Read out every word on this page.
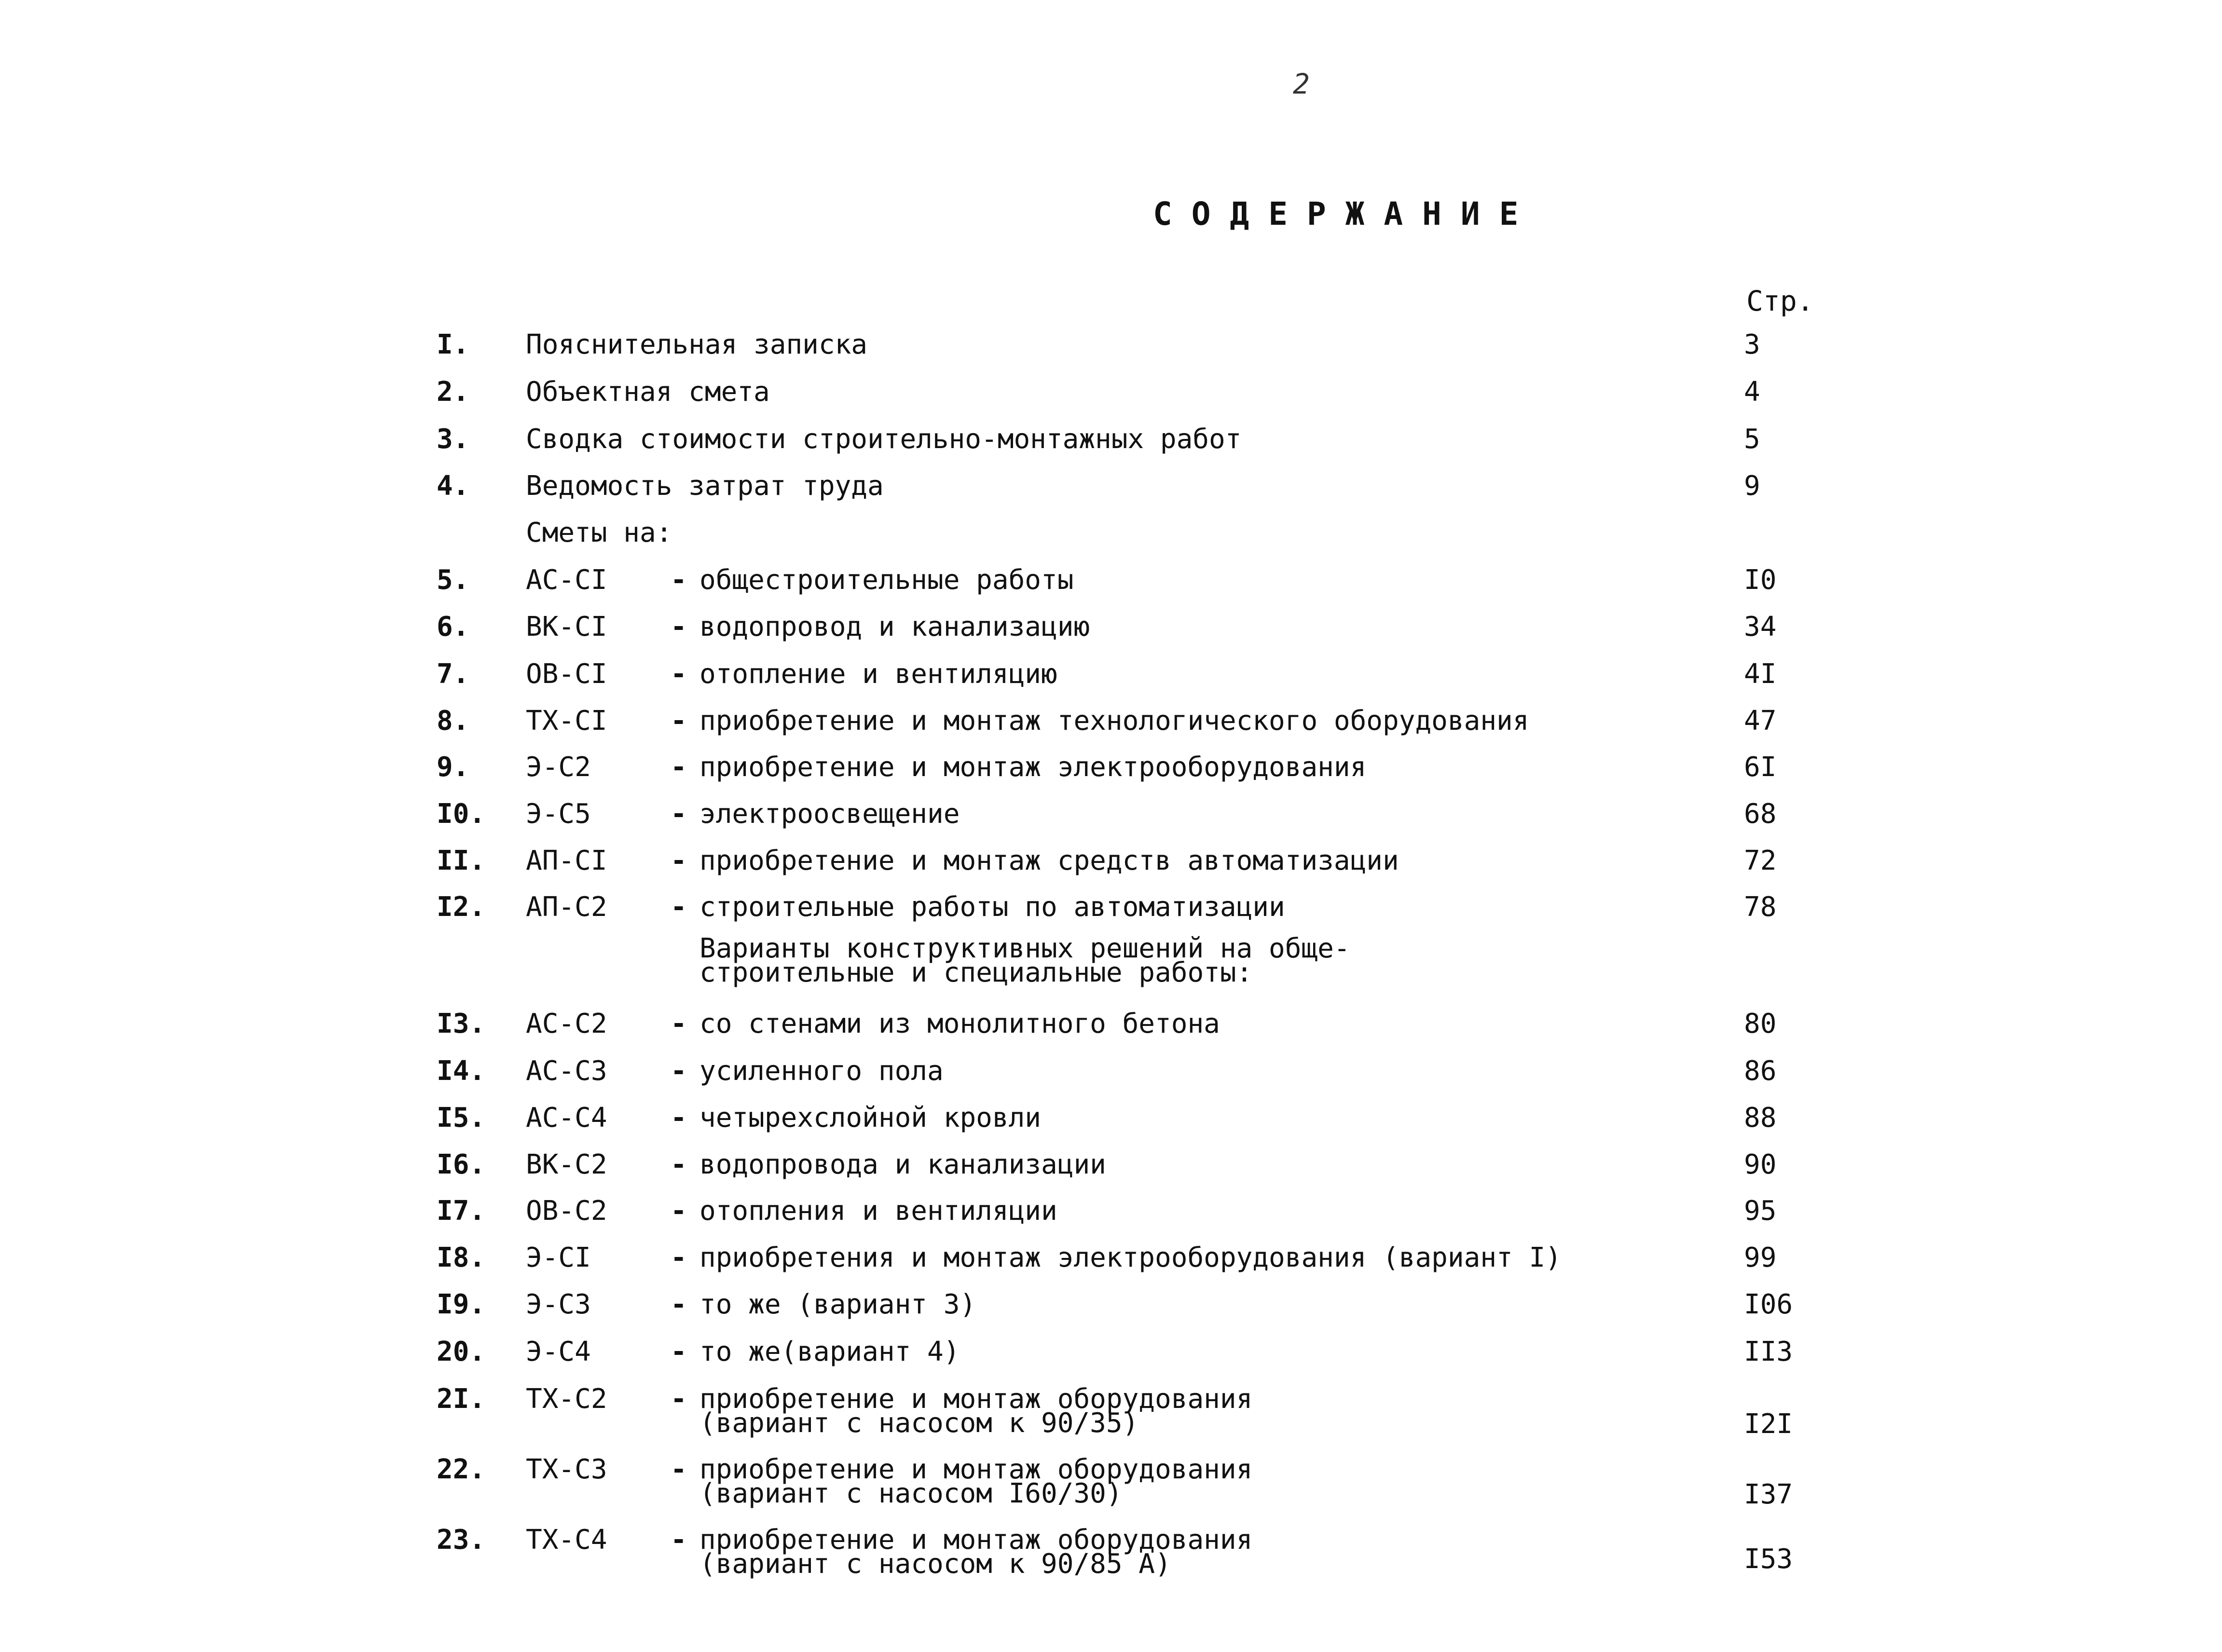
2
СОДЕРЖАНИЕ
Стр.
I. Пояснительная записка	3
2. Объектная смета	4
3. Сводка стоимости строительно-монтажных работ	5
4. Ведомость затрат труда	9
Сметы на:
5. АС-СI - общестроительные работы	I0
6. ВК-СI - водопровод и канализацию	34
7. ОВ-СI - отопление и вентиляцию	4I
8. ТХ-СI - приобретение и монтаж технологического оборудования	47
9. Э-С2	- приобретение и монтаж электрооборудования	6I
I0. Э-С5	- электроосвещение	68
II. АП-СI - приобретение и монтаж средств автоматизации	72
I2. АП-С2 - строительные работы по автоматизации	78
Варианты конструктивных решений на обще-
строительные и специальные работы:
I3. АС-С2 - со стенами из монолитного бетона	80
I4. АС-С3 - усиленного пола	86
I5. АС-С4 - четырехслойной кровли	88
I6. ВК-С2 - водопровода и канализации	90
I7. ОВ-С2 - отопления и вентиляции	95
I8. Э-СI	- приобретения и монтаж электрооборудования (вариант I)	99
I9. Э-С3	- то же (вариант 3)	I06
20. Э-С4	- то же(вариант 4)	II3
2I. ТХ-С2 - приобретение и монтаж оборудования
(вариант с насосом к 90/35)	I2I
22. ТХ-С3 - приобретение и монтаж оборудования
(вариант с насосом I60/30)	I37
23. ТХ-С4 - приобретение и монтаж оборудования
(вариант с насосом к 90/85 А)	I53
